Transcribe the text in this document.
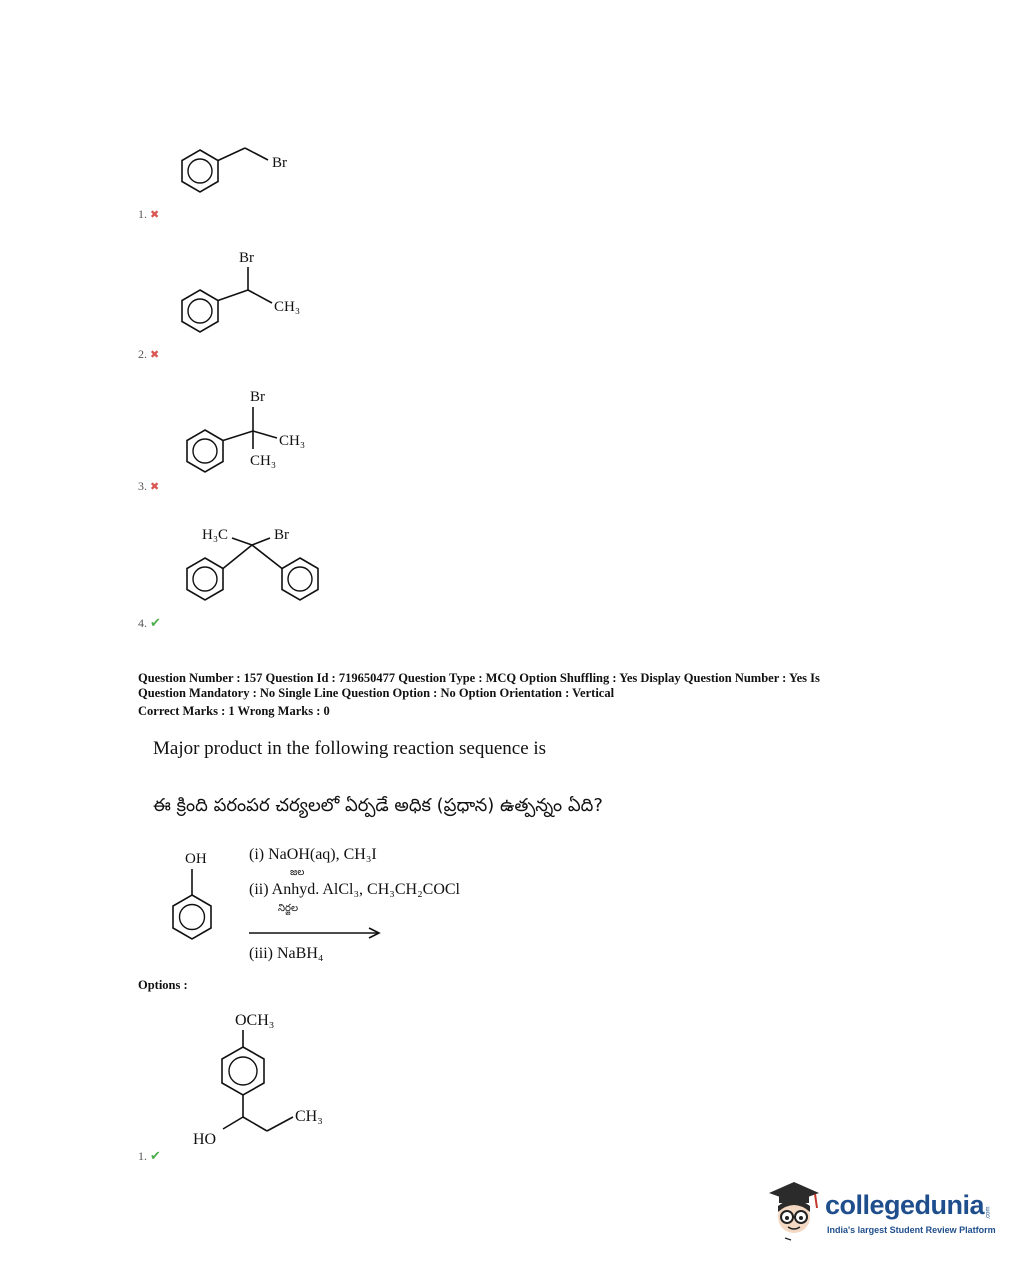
Br
1. ✖
Br
CH₃
2. ✖
Br
CH₃
CH₃
3. ✖
H₃C	Br
4. ✔
Question Number : 157 Question Id : 719650477 Question Type : MCQ Option Shuffling : Yes Display Question Number : Yes Is
Question Mandatory : No Single Line Question Option : No Option Orientation : Vertical
Correct Marks : 1 Wrong Marks : 0
Major product in the following reaction sequence is
ఈ క్రింది పరంపర చర్యలలో ఏర్పడే అధిక (ప్రధాన) ఉత్పన్నం ఏది?
OH	(i) NaOH(aq), CH₃I
జల
(ii) Anhyd. AlCl₃, CH₃CH₂COCl
నిర్జల
(iii) NaBH₄
Options :
OCH₃
HO
CH₃
1. ✔
collegedunia .com
India's largest Student Review Platform
